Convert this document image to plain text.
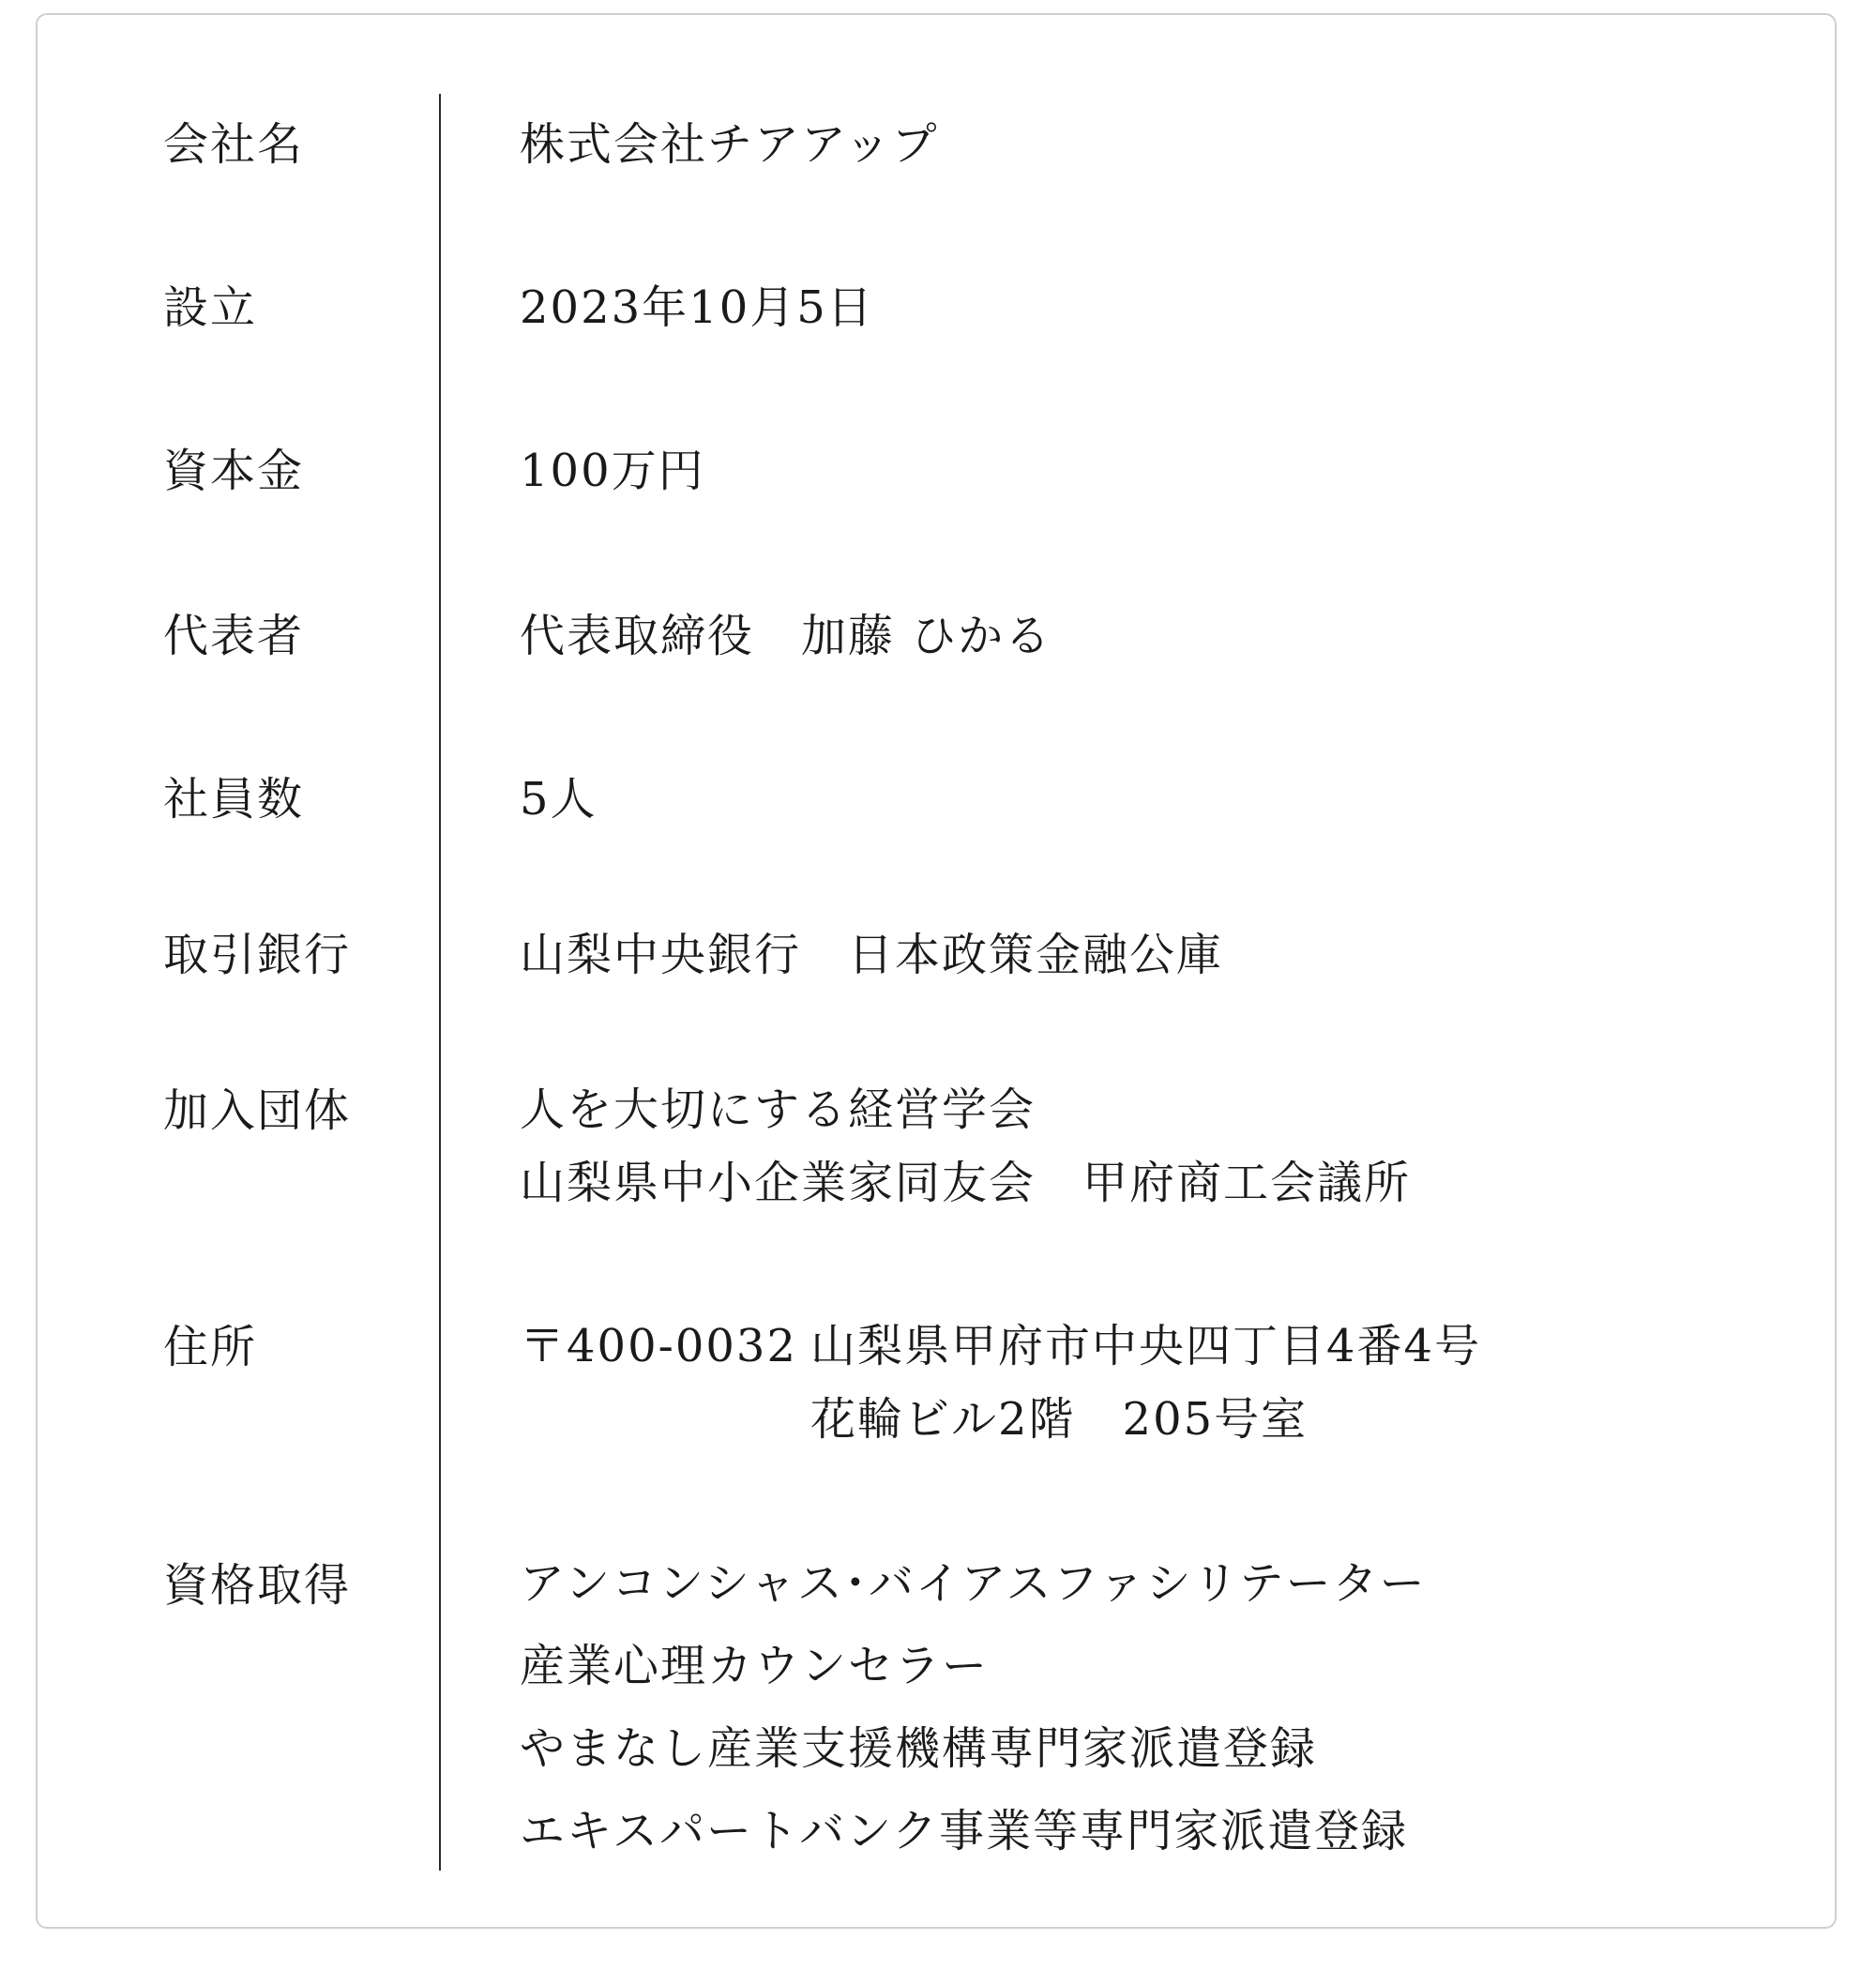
会社名	株式会社チアアップ
設立	2023年10月5日
資本金	100万円
代表者	代表取締役　加藤 ひかる
社員数	5人
取引銀行	山梨中央銀行　日本政策金融公庫
加入団体	人を大切にする経営学会
山梨県中小企業家同友会　甲府商工会議所
住所	〒400-0032 山梨県甲府市中央四丁目4番4号
花輪ビル2階　205号室
資格取得	アンコンシャス･バイアスファシリテーター
産業心理カウンセラー
やまなし産業支援機構専門家派遣登録
エキスパートバンク事業等専門家派遣登録
